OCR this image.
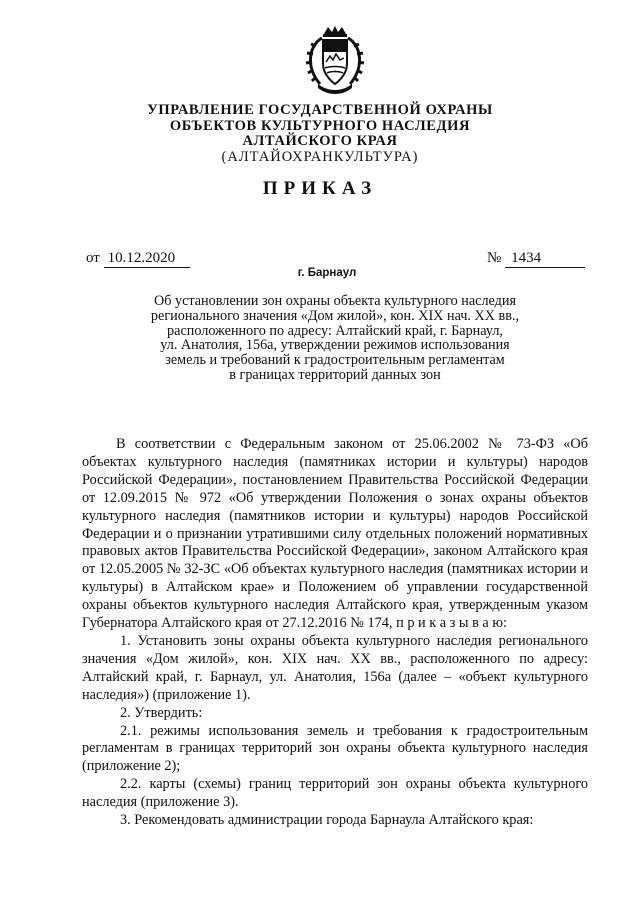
УПРАВЛЕНИЕ ГОСУДАРСТВЕННОЙ ОХРАНЫ
ОБЪЕКТОВ КУЛЬТУРНОГО НАСЛЕДИЯ
АЛТАЙСКОГО КРАЯ
(АЛТАЙОХРАНКУЛЬТУРА)
ПРИКАЗ
от 10.12.2020	№ 1434
г. Барнаул
Об установлении зон охраны объекта культурного наследия
регионального значения «Дом жилой», кон. XIX нач. XX вв.,
расположенного по адресу: Алтайский край, г. Барнаул,
ул. Анатолия, 156а, утверждении режимов использования
земель и требований к градостроительным регламентам
в границах территорий данных зон

В соответствии с Федеральным законом от 25.06.2002 № 73-ФЗ «Об объектах культурного наследия (памятниках истории и культуры) народов Российской Федерации», постановлением Правительства Российской Федерации от 12.09.2015 № 972 «Об утверждении Положения о зонах охраны объектов культурного наследия (памятников истории и культуры) народов Российской Федерации и о признании утратившими силу отдельных положений нормативных правовых актов Правительства Российской Федерации», законом Алтайского края от 12.05.2005 № 32-ЗС «Об объектах культурного наследия (памятниках истории и культуры) в Алтайском крае» и Положением об управлении государственной охраны объектов культурного наследия Алтайского края, утвержденным указом Губернатора Алтайского края от 27.12.2016 № 174, п р и к а з ы в а ю:

1. Установить зоны охраны объекта культурного наследия регионального значения «Дом жилой», кон. XIX нач. XX вв., расположенного по адресу: Алтайский край, г. Барнаул, ул. Анатолия, 156а (далее – «объект культурного наследия») (приложение 1).

2. Утвердить:

2.1. режимы использования земель и требования к градостроительным регламентам в границах территорий зон охраны объекта культурного наследия (приложение 2);

2.2. карты (схемы) границ территорий зон охраны объекта культурного наследия (приложение 3).

3. Рекомендовать администрации города Барнаула Алтайского края:
